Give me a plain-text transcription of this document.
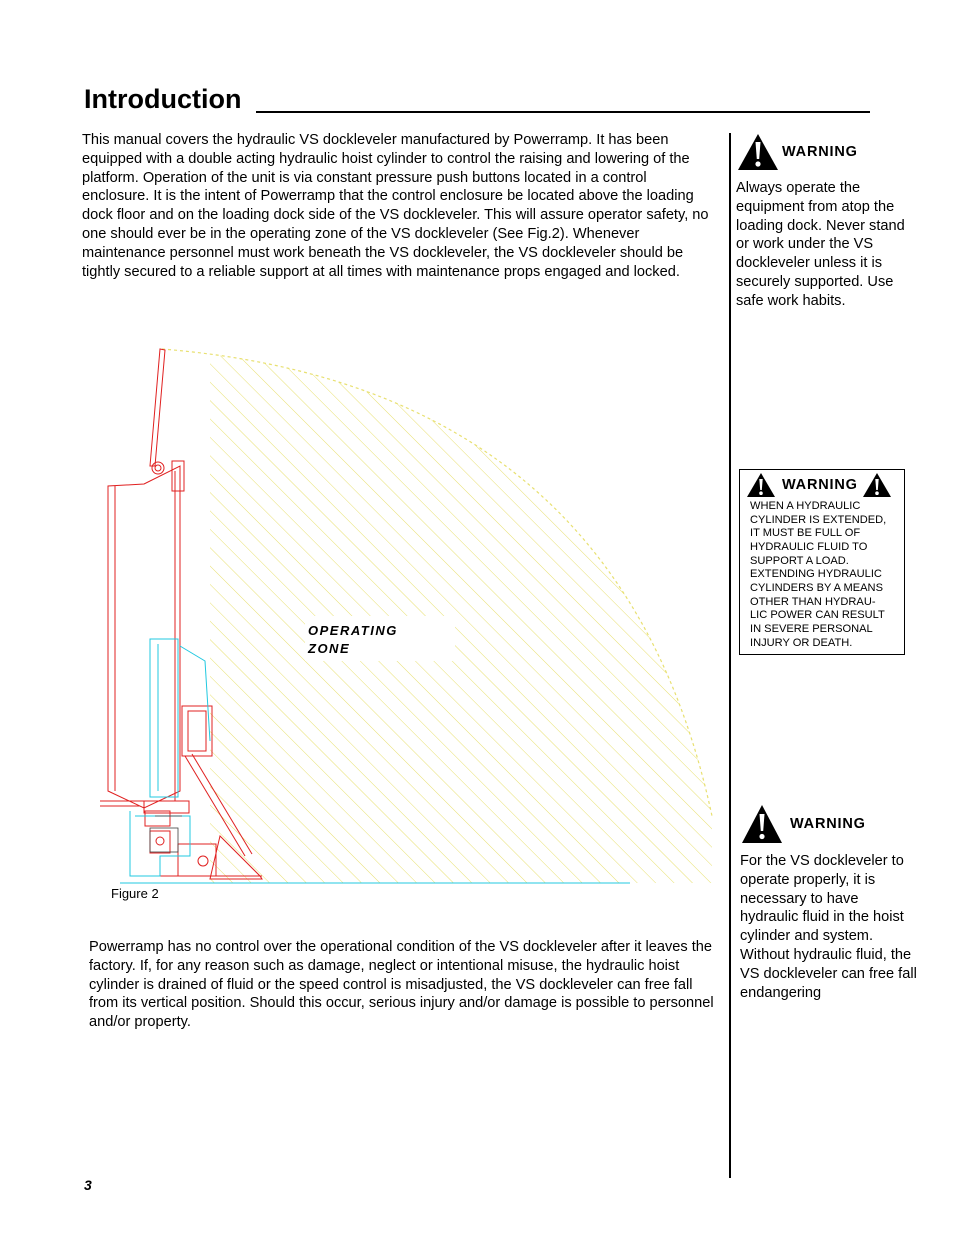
Introduction

This manual covers the hydraulic VS dockleveler manufactured by Powerramp. It has been equipped with a double acting hydraulic hoist cylinder to control the raising and lowering of the platform. Operation of the unit is via constant pressure push buttons located in a control enclosure. It is the intent of Powerramp that the control enclosure be located above the loading dock floor and on the loading dock side of the VS dockleveler. This will assure operator safety, no one should ever be in the operating zone of the VS dockleveler (See Fig.2). Whenever maintenance personnel must work beneath the VS dockleveler, the VS dockleveler should be tightly secured to a reliable support at all times with maintenance props engaged and locked.

WARNING

Always operate the equipment from atop the loading dock. Never stand or work under the VS dockleveler unless it is securely supported. Use safe work habits.

WARNING
WHEN A HYDRAULIC
CYLINDER IS EXTENDED,
IT MUST BE FULL OF
HYDRAULIC FLUID TO
SUPPORT A LOAD.
EXTENDING HYDRAULIC
CYLINDERS BY A MEANS
OTHER THAN HYDRAU-
LIC POWER CAN RESULT
IN SEVERE PERSONAL
INJURY OR DEATH.
WARNING

For the VS dockleveler to operate properly, it is necessary to have hydraulic fluid in the hoist cylinder and system. Without hydraulic fluid, the VS dockleveler can free fall endangering

OPERATING
ZONE
Figure 2

Powerramp has no control over the operational condition of the VS dockleveler after it leaves the factory. If, for any reason such as damage, neglect or intentional misuse, the hydraulic hoist cylinder is drained of fluid or the speed control is misadjusted, the VS dockleveler can free fall from its vertical position. Should this occur, serious injury and/or damage is possible to personnel and/or property.

3
